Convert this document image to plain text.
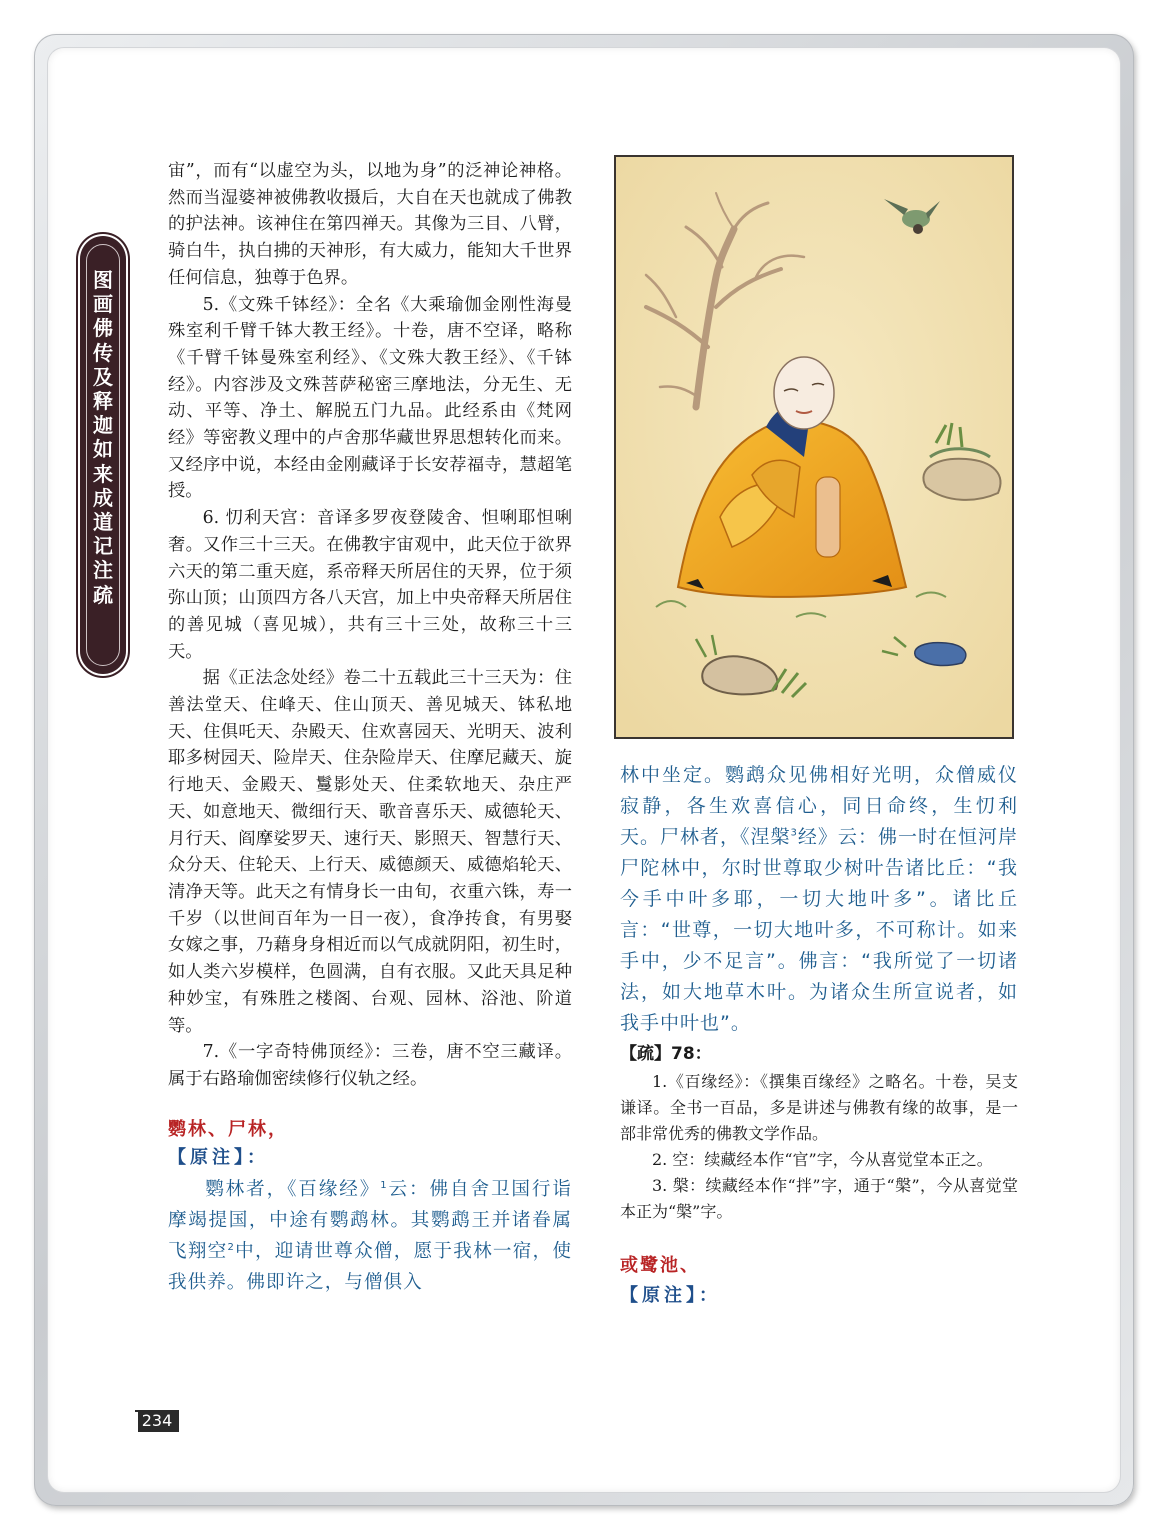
图画佛传及释迦如来成道记注疏

宙”，而有“以虚空为头，以地为身”的泛神论神格。然而当湿婆神被佛教收摄后，大自在天也就成了佛教的护法神。该神住在第四禅天。其像为三目、八臂，骑白牛，执白拂的天神形，有大威力，能知大千世界任何信息，独尊于色界。

5.《文殊千钵经》：全名《大乘瑜伽金刚性海曼殊室利千臂千钵大教王经》。十卷，唐不空译，略称《千臂千钵曼殊室利经》、《文殊大教王经》、《千钵经》。内容涉及文殊菩萨秘密三摩地法，分无生、无动、平等、净土、解脱五门九品。此经系由《梵网经》等密教义理中的卢舍那华藏世界思想转化而来。又经序中说，本经由金刚藏译于长安荐福寺，慧超笔授。

6. 忉利天宫：音译多罗夜登陵舍、怛唎耶怛唎奢。又作三十三天。在佛教宇宙观中，此天位于欲界六天的第二重天庭，系帝释天所居住的天界，位于须弥山顶；山顶四方各八天宫，加上中央帝释天所居住的善见城（喜见城），共有三十三处，故称三十三天。

据《正法念处经》卷二十五载此三十三天为：住善法堂天、住峰天、住山顶天、善见城天、钵私地天、住俱吒天、杂殿天、住欢喜园天、光明天、波利耶多树园天、险岸天、住杂险岸天、住摩尼藏天、旋行地天、金殿天、鬘影处天、住柔软地天、杂庄严天、如意地天、微细行天、歌音喜乐天、威德轮天、月行天、阎摩娑罗天、速行天、影照天、智慧行天、众分天、住轮天、上行天、威德颜天、威德焰轮天、清净天等。此天之有情身长一由旬，衣重六铢，寿一千岁（以世间百年为一日一夜），食净抟食，有男娶女嫁之事，乃藉身身相近而以气成就阴阳，初生时，如人类六岁模样，色圆满，自有衣服。又此天具足种种妙宝，有殊胜之楼阁、台观、园林、浴池、阶道等。

7.《一字奇特佛顶经》：三卷，唐不空三藏译。属于右路瑜伽密续修行仪轨之经。

鹦林、尸林，

【原注】：

鹦林者，《百缘经》$^1$云：佛自舍卫国行诣摩竭提国，中途有鹦鹉林。其鹦鹉王并诸眷属飞翔空$^2$中，迎请世尊众僧，愿于我林一宿，使我供养。佛即许之，与僧俱入

林中坐定。鹦鹉众见佛相好光明，众僧威仪寂静，各生欢喜信心，同日命终，生忉利天。尸林者，《涅槃$^3$经》云：佛一时在恒河岸尸陀林中，尔时世尊取少树叶告诸比丘：“我今手中叶多耶，一切大地叶多”。诸比丘言：“世尊，一切大地叶多，不可称计。如来手中，少不足言”。佛言：“我所觉了一切诸法，如大地草木叶。为诸众生所宣说者，如我手中叶也”。

【疏】78：

1.《百缘经》：《撰集百缘经》之略名。十卷，吴支谦译。全书一百品，多是讲述与佛教有缘的故事，是一部非常优秀的佛教文学作品。

2. 空：续藏经本作“官”字，今从喜觉堂本正之。

3. 槃：续藏经本作“拌”字，通于“槃”，今从喜觉堂本正为“槃”字。

或鹭池、

【原注】：

234
